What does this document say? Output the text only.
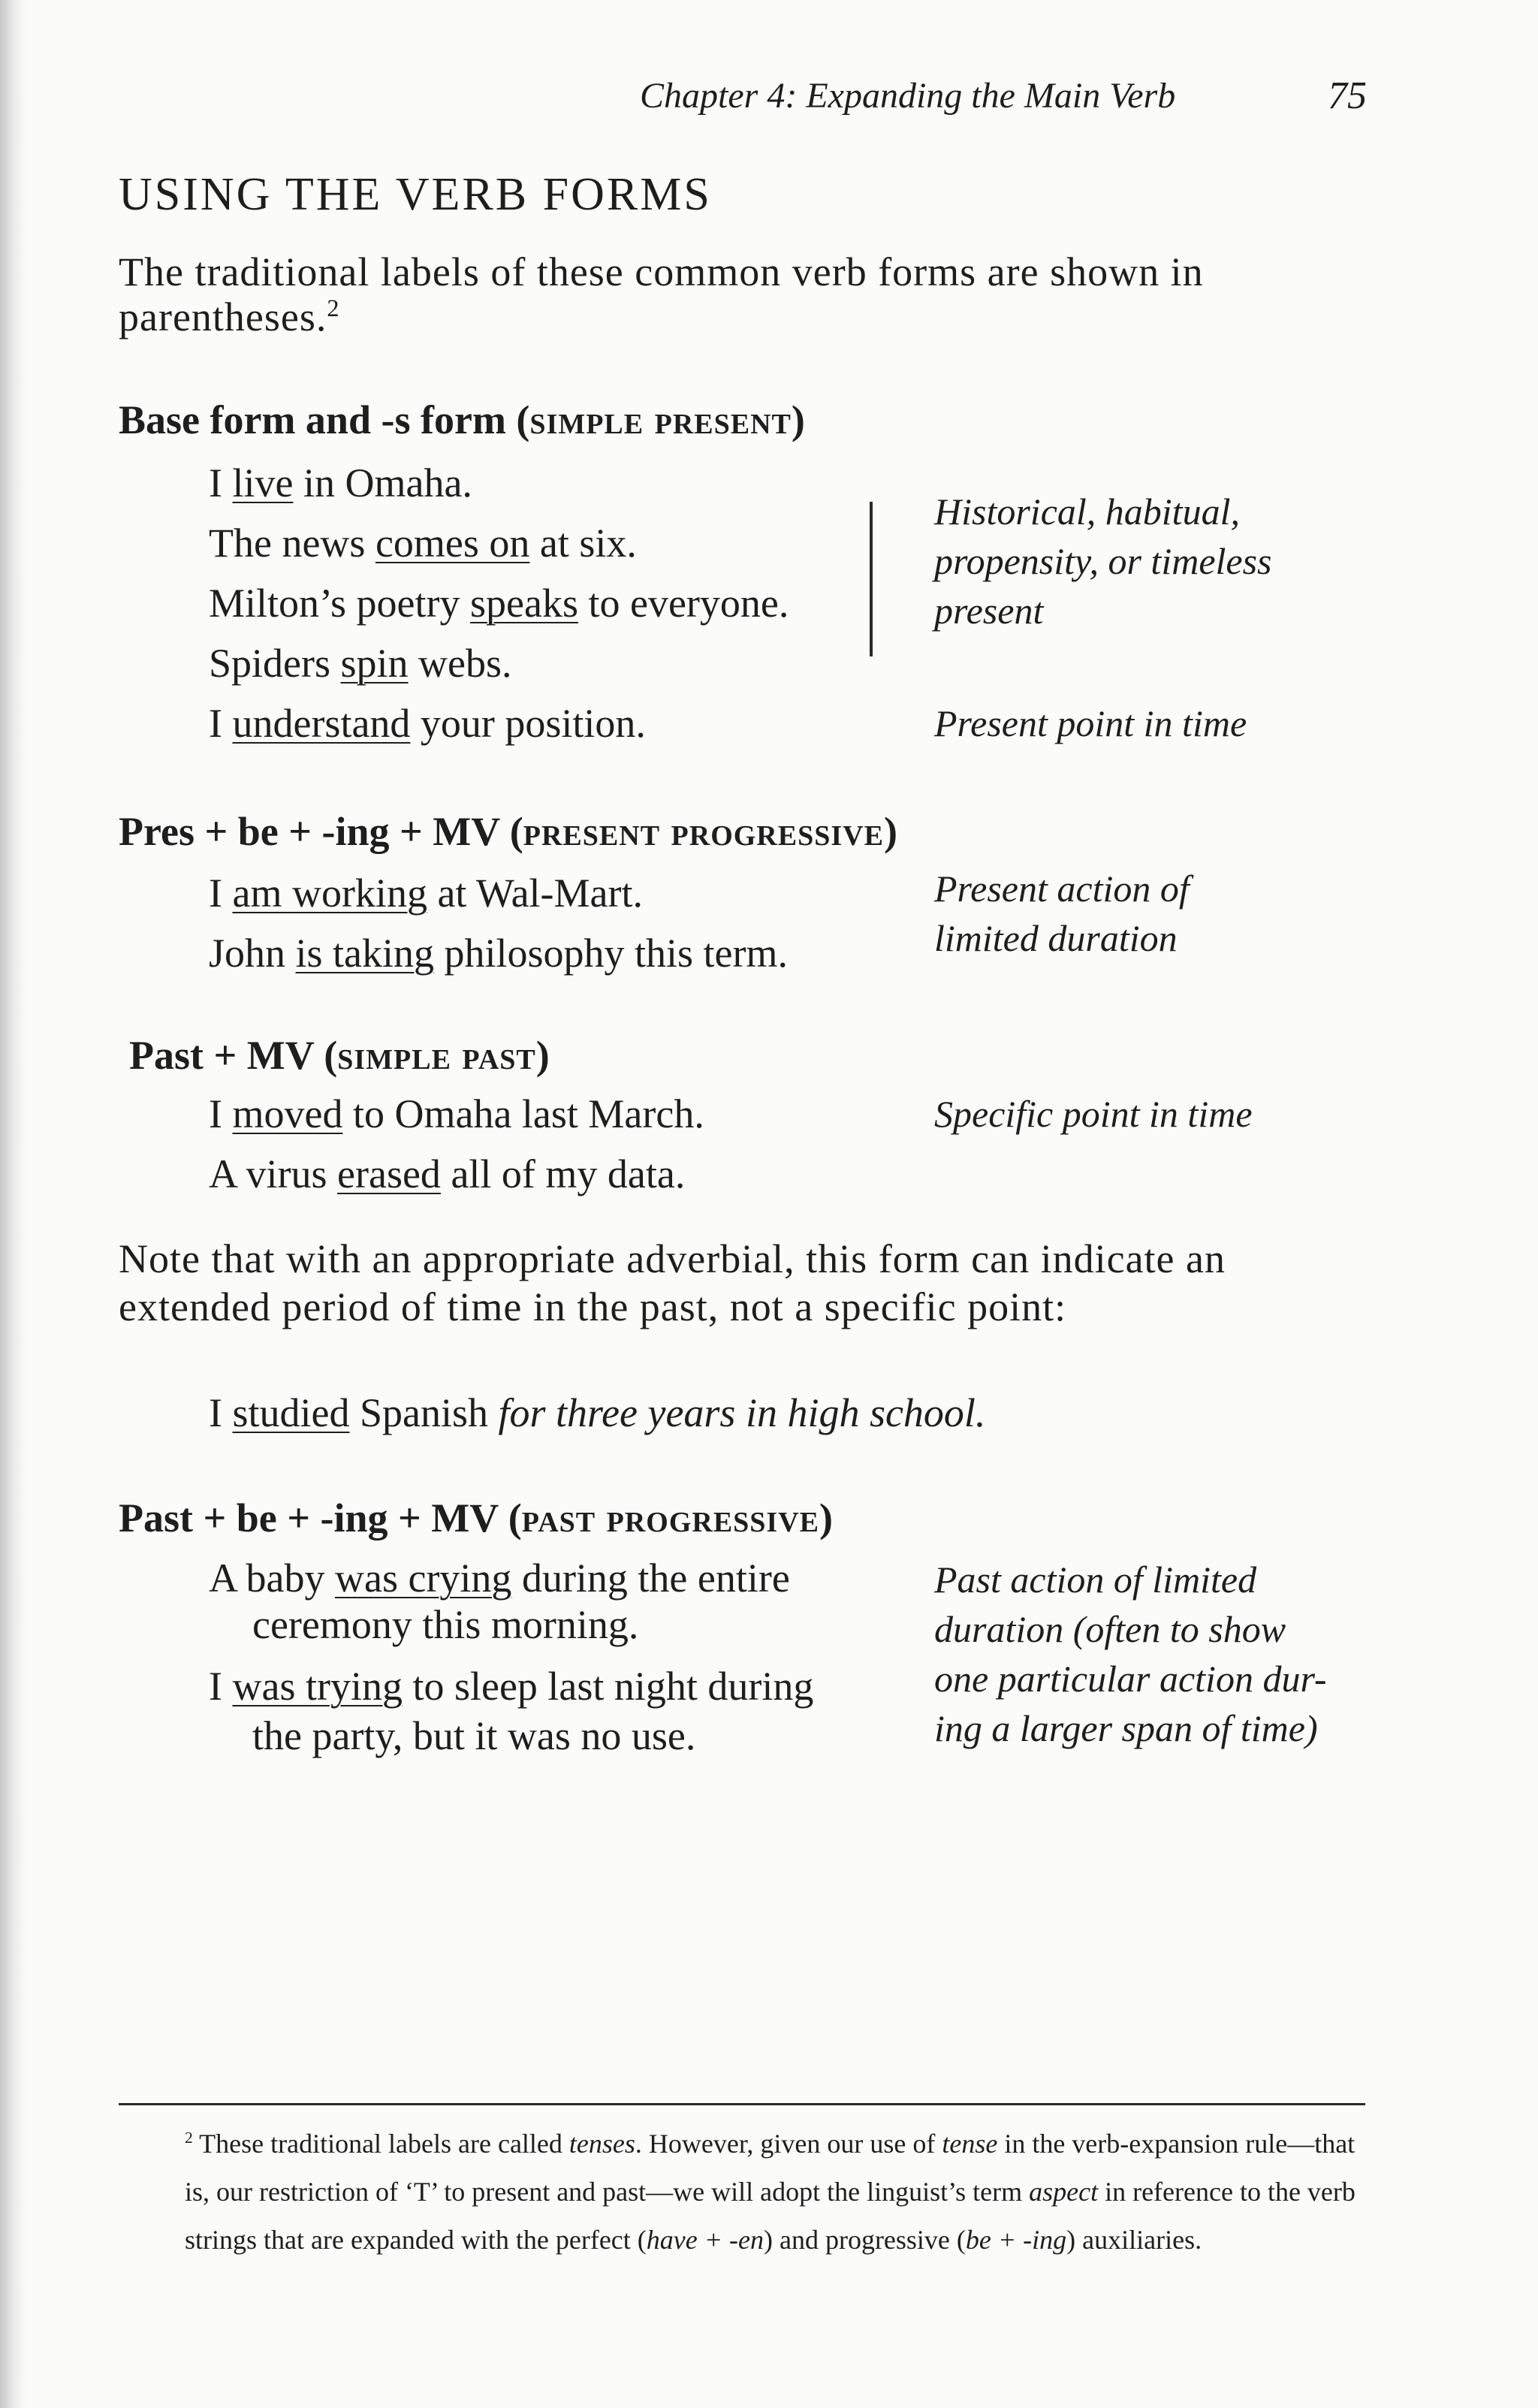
Chapter 4: Expanding the Main Verb	75
USING THE VERB FORMS
The traditional labels of these common verb forms are shown in
parentheses.$^2$
Base form and -s form (simple present)
I live in Omaha.
The news comes on at six.
Milton’s poetry speaks to everyone.
Spiders spin webs.
I understand your position.
Historical, habitual,
propensity, or timeless
present
Present point in time
Pres + be + -ing + MV (present progressive)
I am working at Wal-Mart.
John is taking philosophy this term.
Present action of
limited duration
Past + MV (simple past)
I moved to Omaha last March.
A virus erased all of my data.
Specific point in time
Note that with an appropriate adverbial, this form can indicate an
extended period of time in the past, not a specific point:
I studied Spanish for three years in high school.
Past + be + -ing + MV (past progressive)
A baby was crying during the entire
ceremony this morning.
I was trying to sleep last night during
the party, but it was no use.
Past action of limited
duration (often to show
one particular action dur-
ing a larger span of time)
$^2$ These traditional labels are called tenses. However, given our use of tense in the verb-expansion rule—that is, our restriction of ‘T’ to present and past—we will adopt the linguist’s term aspect in reference to the verb strings that are expanded with the perfect (have + -en) and progressive (be + -ing) auxiliaries.
